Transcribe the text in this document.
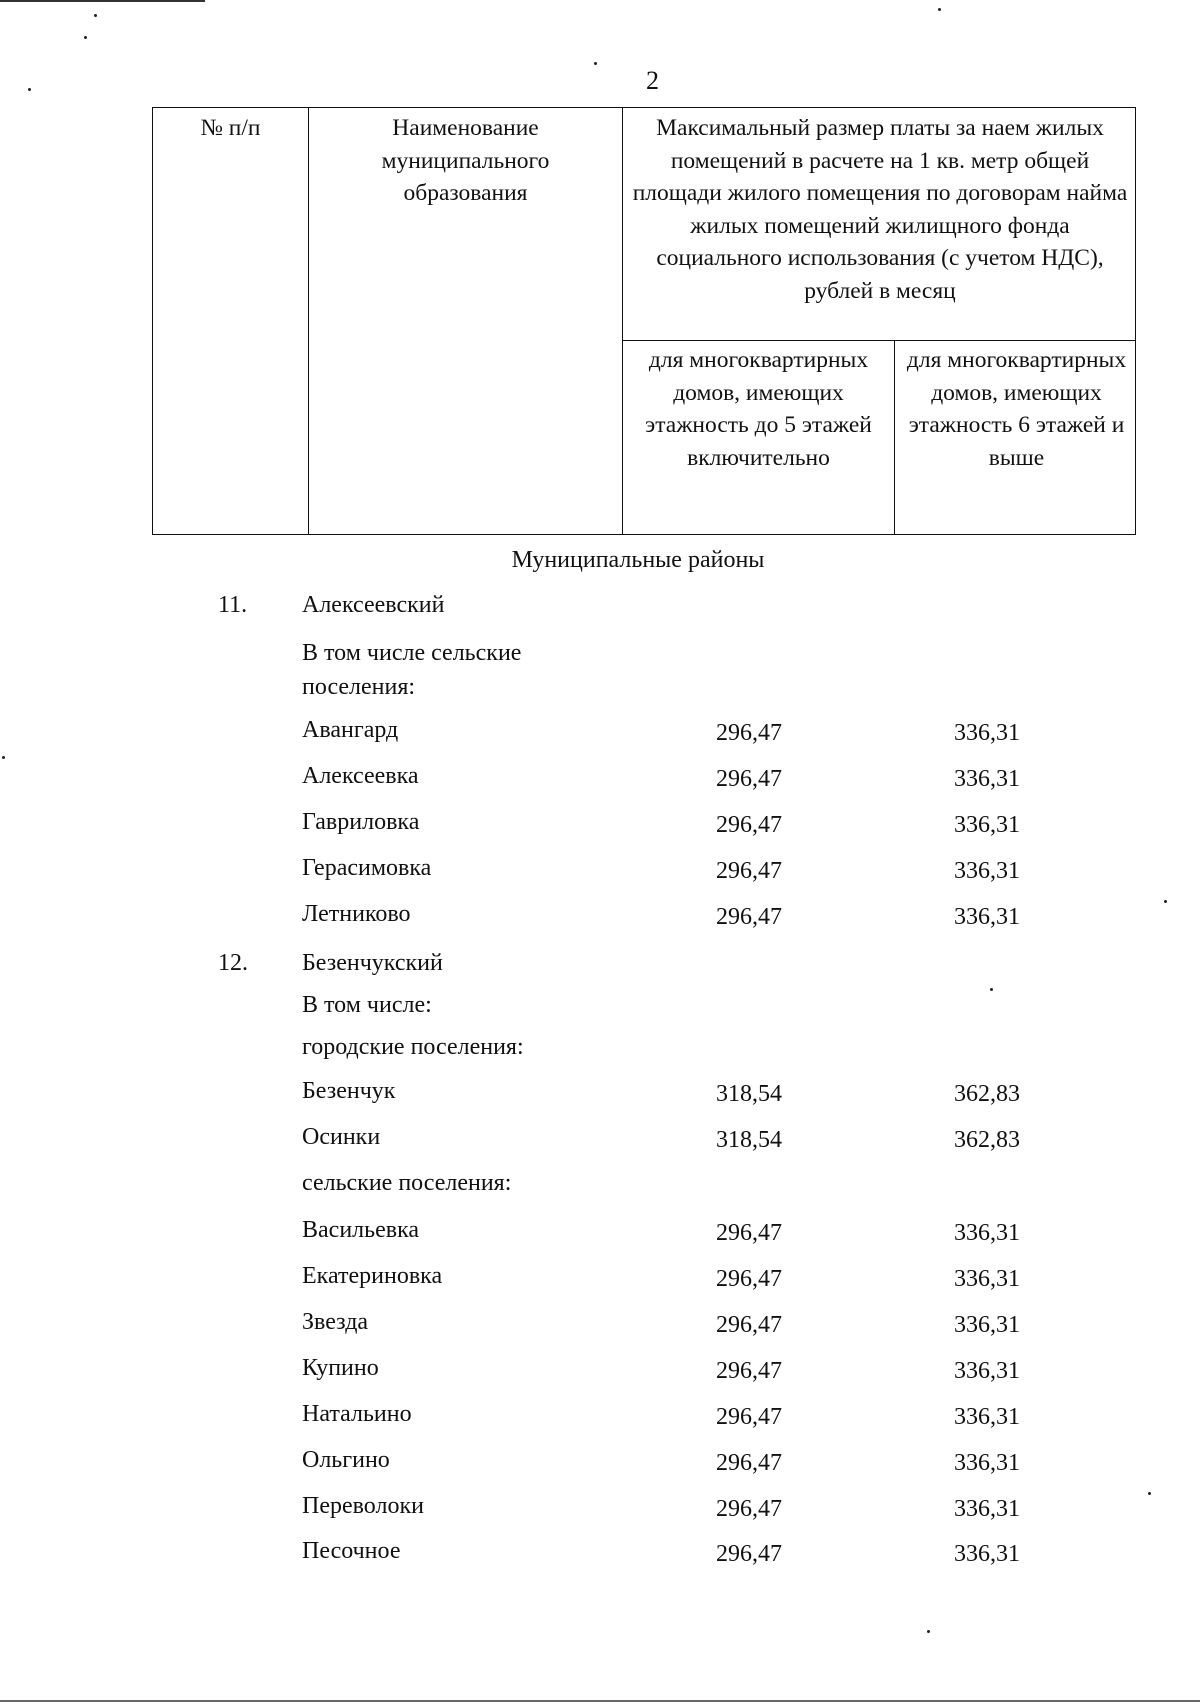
2
№ п/п	Наименование муниципального образования
Максимальный размер платы за наем жилых помещений в расчете на 1 кв. метр общей площади жилого помещения по договорам найма жилых помещений жилищного фонда социального использования (с учетом НДС), рублей в месяц
для многоквартирных домов, имеющих этажность до 5 этажей включительно
для многоквартирных домов, имеющих этажность 6 этажей и выше
Муниципальные районы
11. Алексеевский
В том числе сельские поселения:
Авангард	296,47	336,31
Алексеевка	296,47	336,31
Гавриловка	296,47	336,31
Герасимовка	296,47	336,31
Летниково	296,47	336,31
12. Безенчукский
В том числе:
городские поселения:
Безенчук	318,54	362,83
Осинки	318,54	362,83
сельские поселения:
Васильевка	296,47	336,31
Екатериновка	296,47	336,31
Звезда	296,47	336,31
Купино	296,47	336,31
Натальино	296,47	336,31
Ольгино	296,47	336,31
Переволоки	296,47	336,31
Песочное	296,47	336,31
